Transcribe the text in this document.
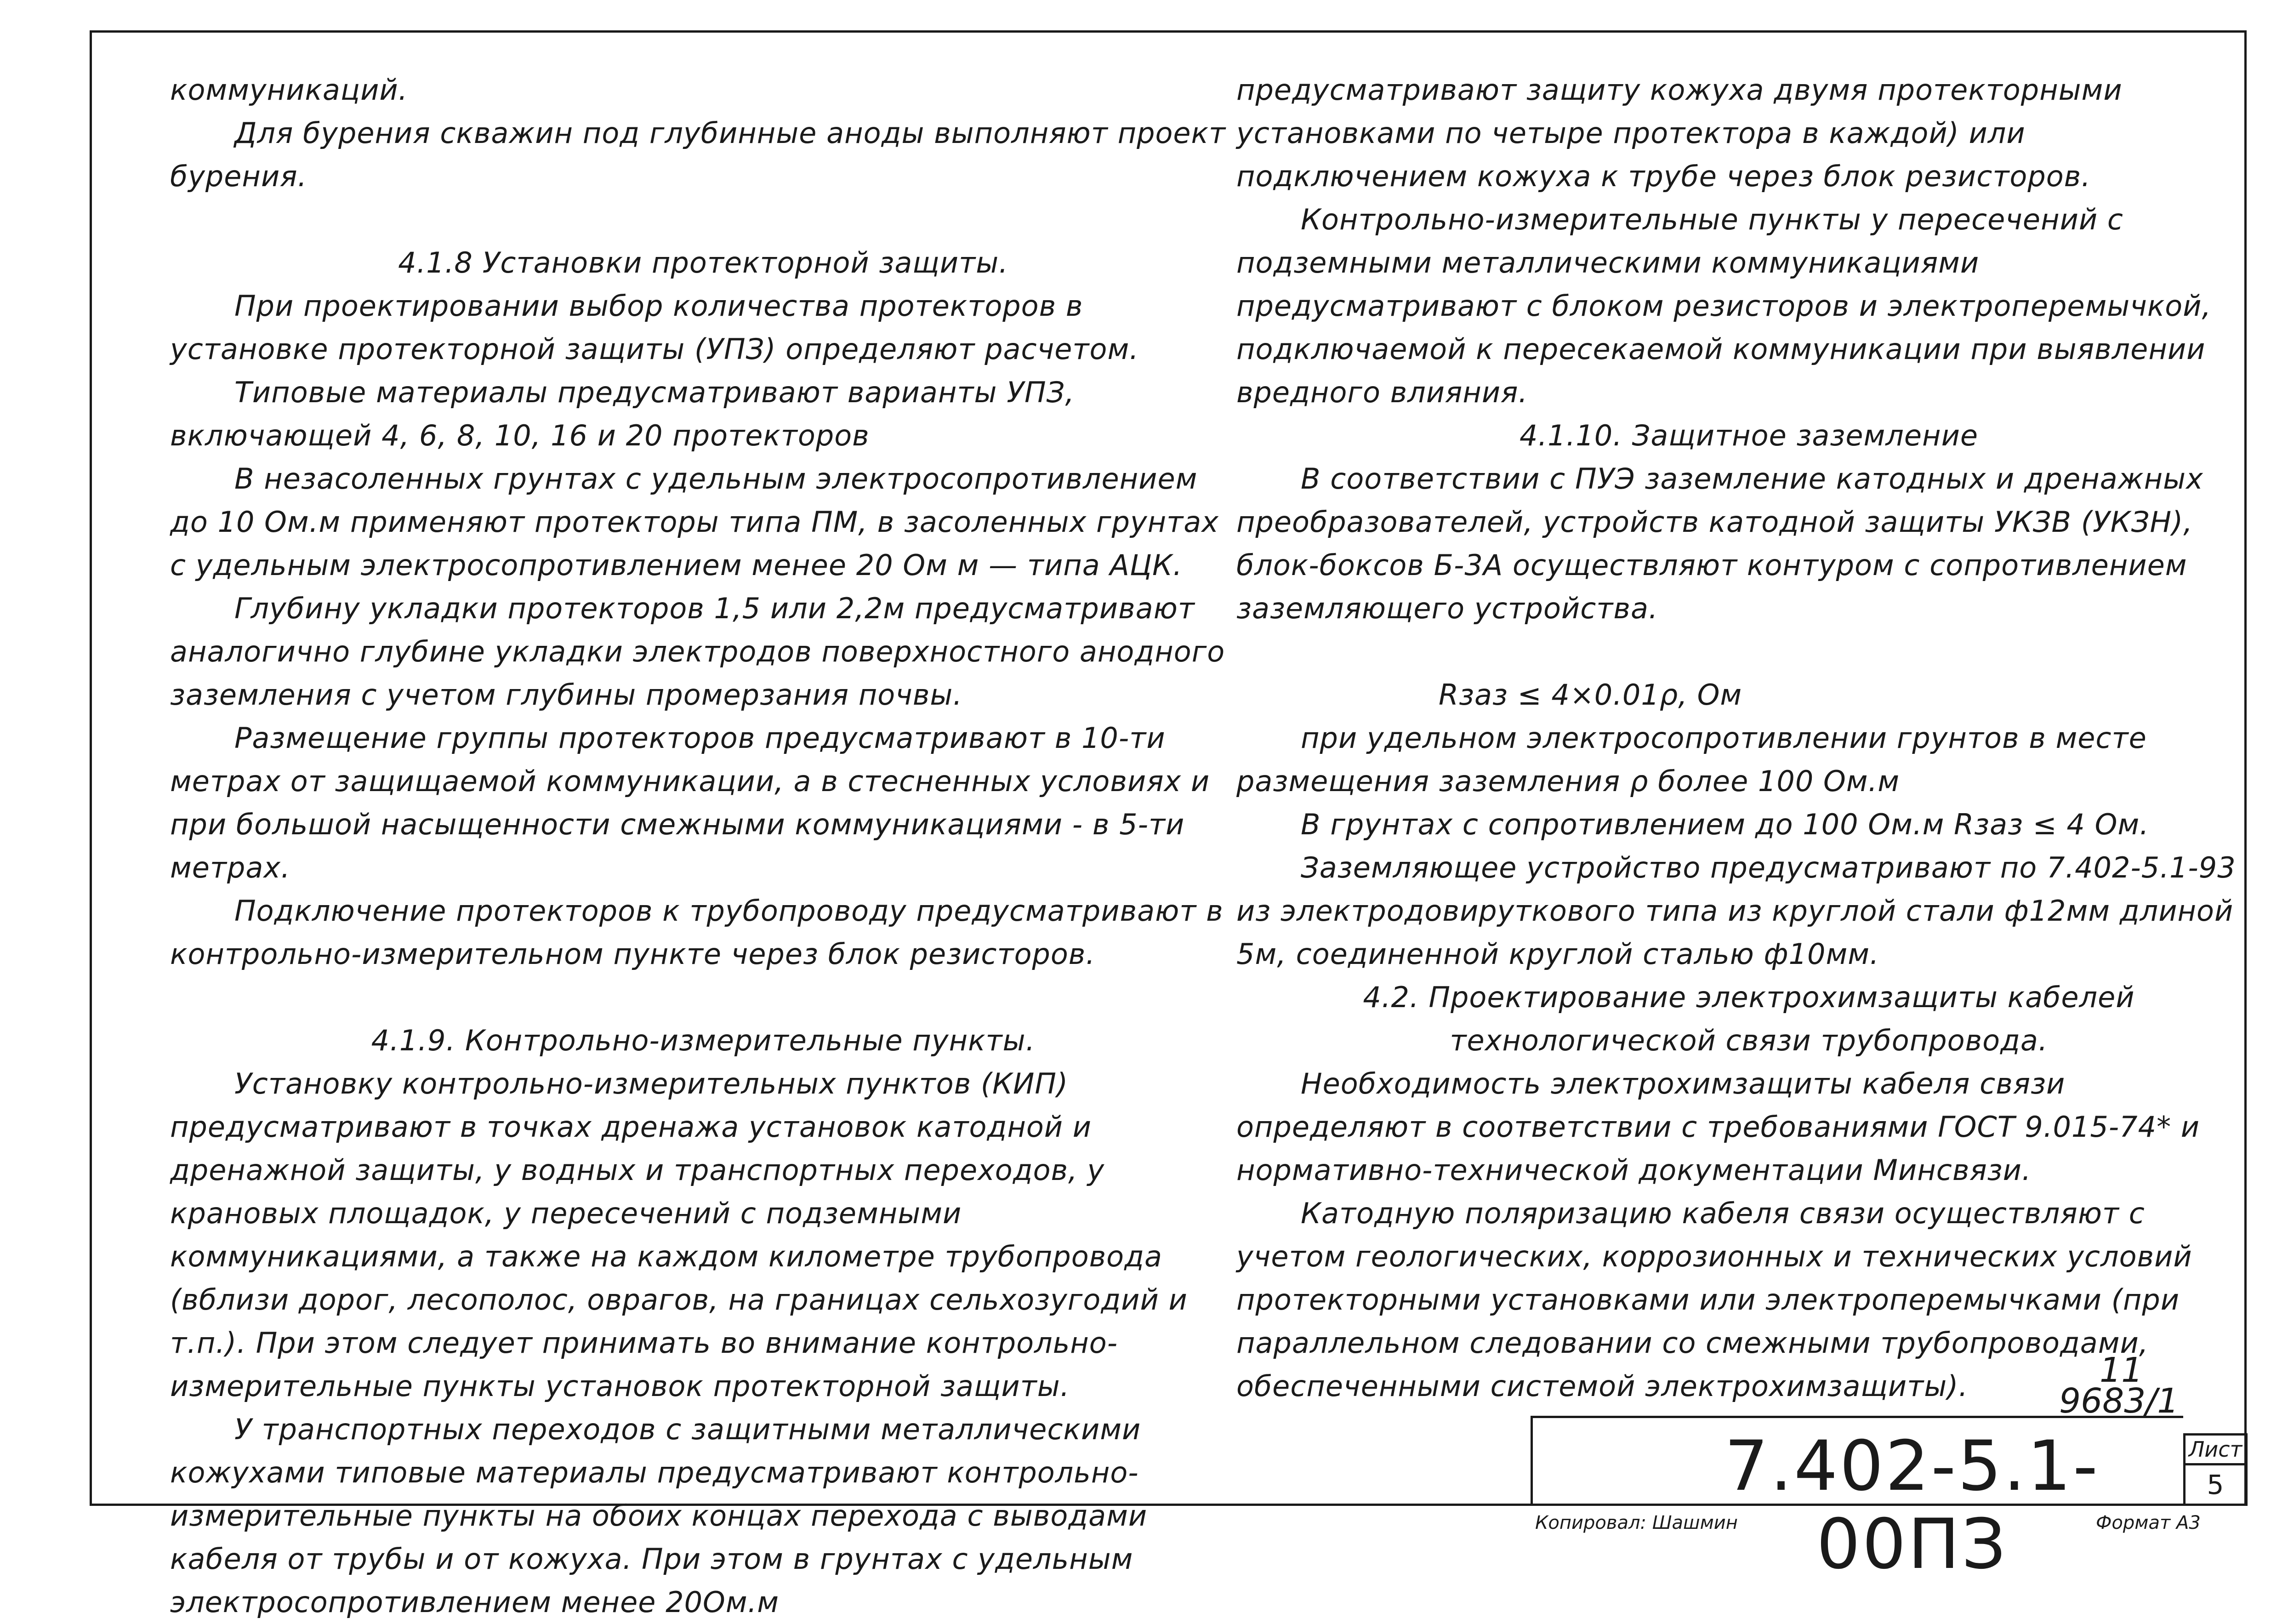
коммуникаций.

Для бурения скважин под глубинные аноды выполняют проект бурения.

4.1.8 Установки протекторной защиты.

При проектировании выбор количества протекторов в установке протекторной защиты (УПЗ) определяют расчетом.

Типовые материалы предусматривают варианты УПЗ, включающей 4, 6, 8, 10, 16 и 20 протекторов

В незасоленных грунтах с удельным электросопротивлением до 10 Ом.м применяют протекторы типа ПМ, в засоленных грунтах с удельным электросопротивлением менее 20 Ом м — типа АЦК.

Глубину укладки протекторов 1,5 или 2,2м предусматривают аналогично глубине укладки электродов поверхностного анодного заземления с учетом глубины промерзания почвы.

Размещение группы протекторов предусматривают в 10-ти метрах от защищаемой коммуникации, а в стесненных условиях и при большой насыщенности смежными коммуникациями - в 5-ти метрах.

Подключение протекторов к трубопроводу предусматривают в контрольно-измерительном пункте через блок резисторов.

4.1.9. Контрольно-измерительные пункты.

Установку контрольно-измерительных пунктов (КИП) предусматривают в точках дренажа установок катодной и дренажной защиты, у водных и транспортных переходов, у крановых площадок, у пересечений с подземными коммуникациями, а также на каждом километре трубопровода (вблизи дорог, лесополос, оврагов, на границах сельхозугодий и т.п.). При этом следует принимать во внимание контрольно-измерительные пункты установок протекторной защиты.

У транспортных переходов с защитными металлическими кожухами типовые материалы предусматривают контрольно-измерительные пункты на обоих концах перехода с выводами кабеля от трубы и от кожуха. При этом в грунтах с удельным электросопротивлением менее 20Ом.м

предусматривают защиту кожуха двумя протекторными установками по четыре протектора в каждой) или подключением кожуха к трубе через блок резисторов.

Контрольно-измерительные пункты у пересечений с подземными металлическими коммуникациями предусматривают с блоком резисторов и электроперемычкой, подключаемой к пересекаемой коммуникации при выявлении вредного влияния.

4.1.10. Защитное заземление

В соответствии с ПУЭ заземление катодных и дренажных преобразователей, устройств катодной защиты УКЗВ (УКЗН), блок-боксов Б-3А осуществляют контуром с сопротивлением заземляющего устройства.

Rзаз ≤ 4×0.01ρ, Ом

при удельном электросопротивлении грунтов в месте размещения заземления ρ более 100 Ом.м

В грунтах с сопротивлением до 100 Ом.м Rзаз ≤ 4 Ом.

Заземляющее устройство предусматривают по 7.402-5.1-93 из электродовируткового типа из круглой стали ф12мм длиной 5м, соединенной круглой сталью ф10мм.

4.2. Проектирование электрохимзащиты кабелей технологической связи трубопровода.

Необходимость электрохимзащиты кабеля связи определяют в соответствии с требованиями ГОСТ 9.015-74* и нормативно-технической документации Минсвязи.

Катодную поляризацию кабеля связи осуществляют с учетом геологических, коррозионных и технических условий протекторными установками или электроперемычками (при параллельном следовании со смежными трубопроводами, обеспеченными системой электрохимзащиты).	11
9683/1
7.402-5.1-00ПЗ
Лист
5
Копировал: Шашмин	Формат А3
